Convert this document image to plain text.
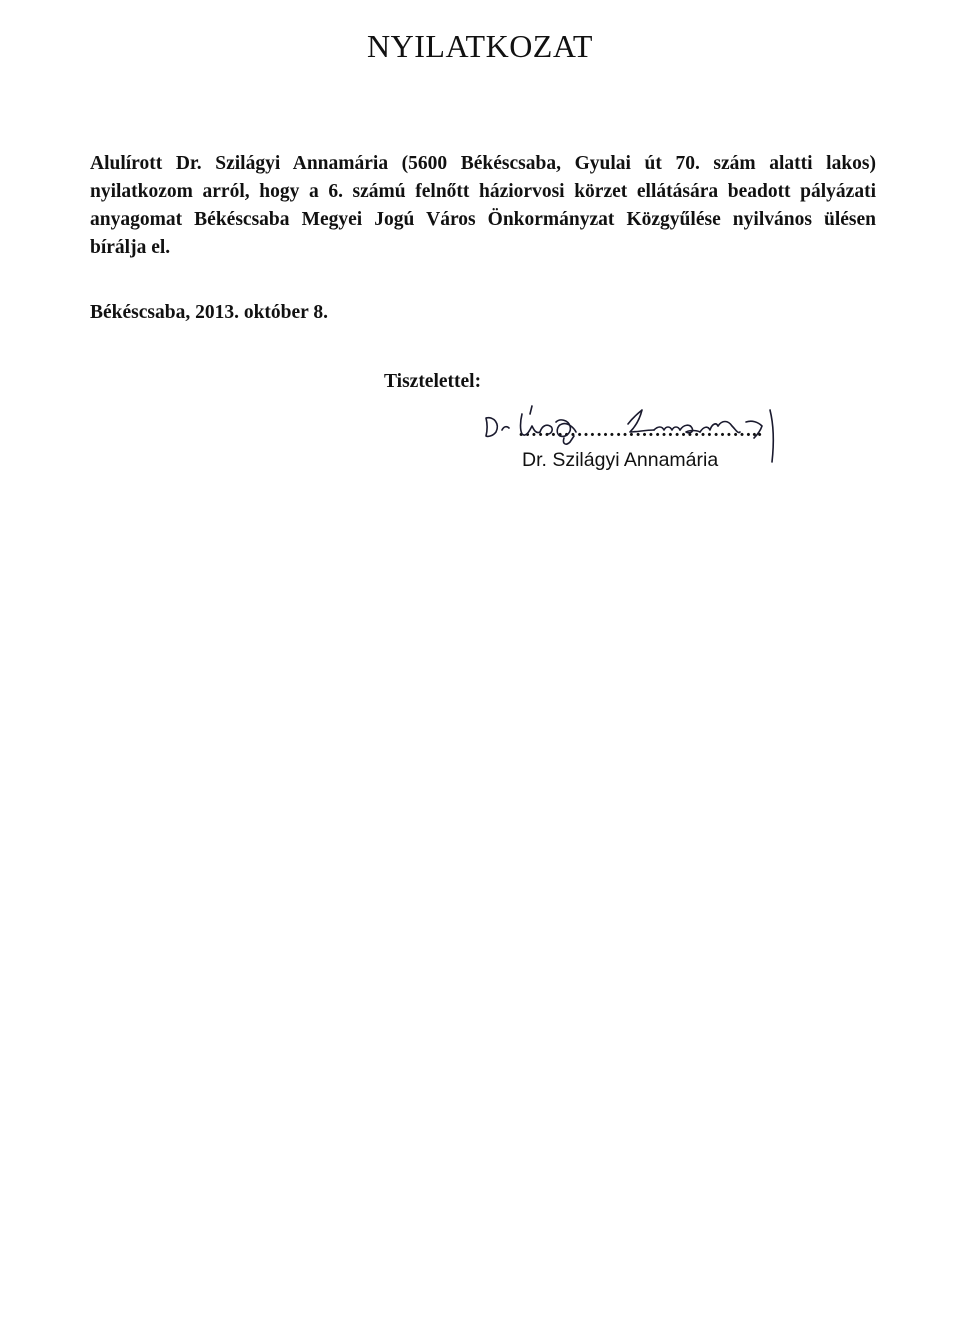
NYILATKOZAT

Alulírott Dr. Szilágyi Annamária (5600 Békéscsaba, Gyulai út 70. szám alatti lakos) nyilatkozom arról, hogy a 6. számú felnőtt háziorvosi körzet ellátására beadott pályázati anyagomat Békéscsaba Megyei Jogú Város Önkormányzat Közgyűlése nyilvános ülésen bírálja el.

Békéscsaba, 2013. október 8.

Tisztelettel:

………………………………..

Dr. Szilágyi Annamária
